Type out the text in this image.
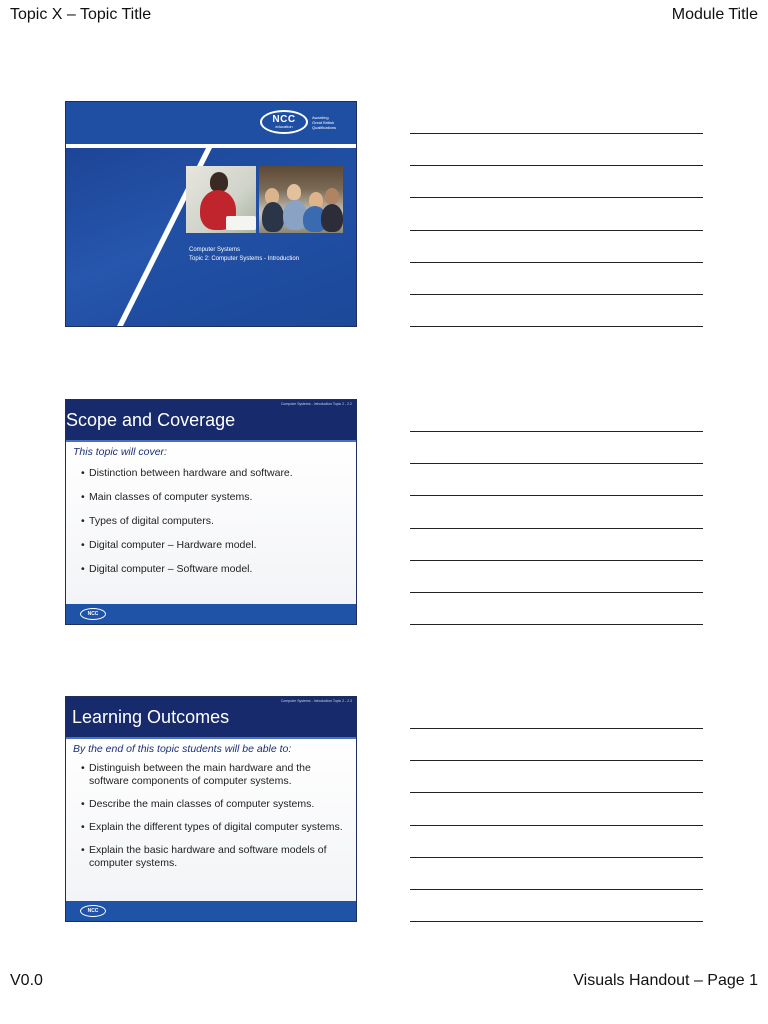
Topic X – Topic Title	Module Title
NCC
education
Awarding
Great British
Qualifications
Computer Systems
Topic 2: Computer Systems - Introduction
Computer Systems - Introduction Topic 2 - 2.2
Scope and Coverage
This topic will cover:
• Distinction between hardware and software.
• Main classes of computer systems.
• Types of digital computers.
• Digital computer – Hardware model.
• Digital computer – Software model.
NCC
Computer Systems - Introduction Topic 2 - 2.3
Learning Outcomes
By the end of this topic students will be able to:
• Distinguish between the main hardware and the software components of computer systems.
• Describe the main classes of computer systems.
• Explain the different types of digital computer systems.
• Explain the basic hardware and software models of computer systems.
NCC
V0.0	Visuals Handout – Page 1
